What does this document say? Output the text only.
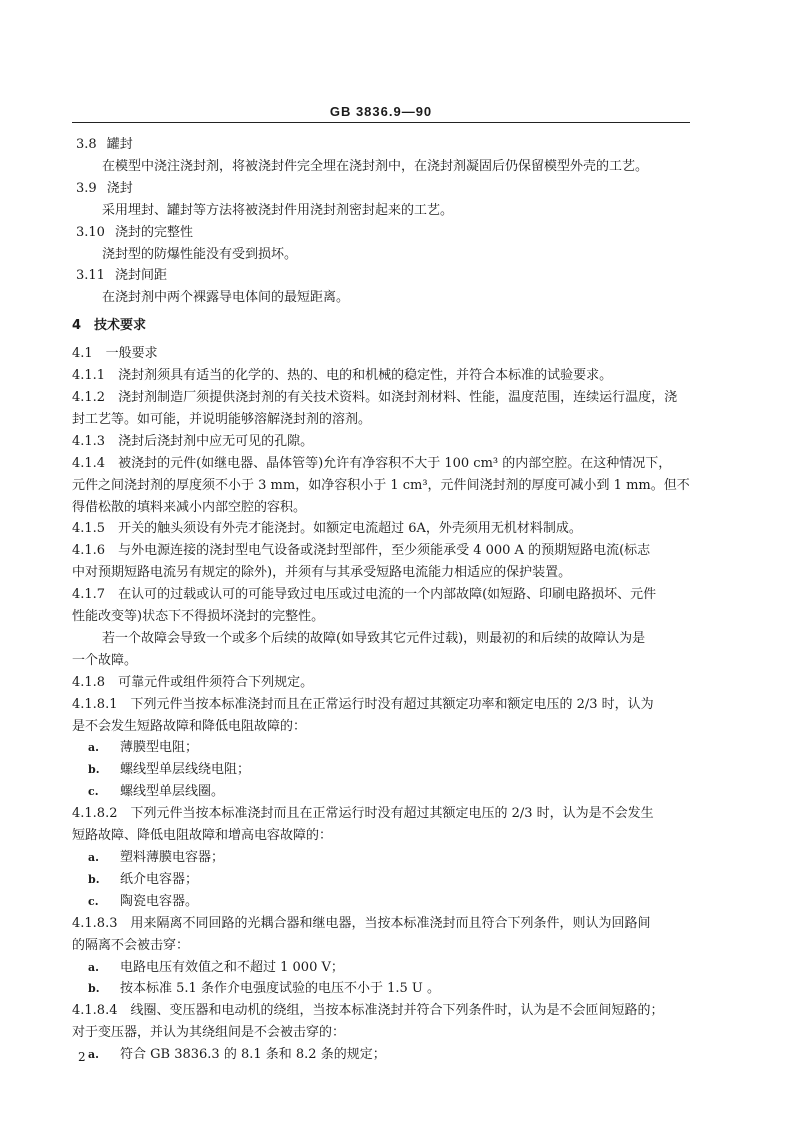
GB 3836.9—90
3.8 罐封
在模型中浇注浇封剂，将被浇封件完全埋在浇封剂中，在浇封剂凝固后仍保留模型外壳的工艺。
3.9 浇封
采用埋封、罐封等方法将被浇封件用浇封剂密封起来的工艺。
3.10 浇封的完整性
浇封型的防爆性能没有受到损坏。
3.11 浇封间距
在浇封剂中两个裸露导电体间的最短距离。
4　技术要求
4.1　一般要求
4.1.1　浇封剂须具有适当的化学的、热的、电的和机械的稳定性，并符合本标准的试验要求。
4.1.2　浇封剂制造厂须提供浇封剂的有关技术资料。如浇封剂材料、性能，温度范围，连续运行温度，浇
封工艺等。如可能，并说明能够溶解浇封剂的溶剂。
4.1.3　浇封后浇封剂中应无可见的孔隙。
4.1.4　被浇封的元件(如继电器、晶体管等)允许有净容积不大于 100 cm³ 的内部空腔。在这种情况下，
元件之间浇封剂的厚度须不小于 3 mm，如净容积小于 1 cm³，元件间浇封剂的厚度可减小到 1 mm。但不
得借松散的填料来减小内部空腔的容积。
4.1.5　开关的触头须设有外壳才能浇封。如额定电流超过 6A，外壳须用无机材料制成。
4.1.6　与外电源连接的浇封型电气设备或浇封型部件，至少须能承受 4 000 A 的预期短路电流(标志
中对预期短路电流另有规定的除外)，并须有与其承受短路电流能力相适应的保护装置。
4.1.7　在认可的过载或认可的可能导致过电压或过电流的一个内部故障(如短路、印刷电路损坏、元件
性能改变等)状态下不得损坏浇封的完整性。
若一个故障会导致一个或多个后续的故障(如导致其它元件过载)，则最初的和后续的故障认为是
一个故障。
4.1.8　可靠元件或组件须符合下列规定。
4.1.8.1　下列元件当按本标准浇封而且在正常运行时没有超过其额定功率和额定电压的 2/3 时，认为
是不会发生短路故障和降低电阻故障的：
a. 薄膜型电阻；
b. 螺线型单层线绕电阻；
c. 螺线型单层线圈。
4.1.8.2　下列元件当按本标准浇封而且在正常运行时没有超过其额定电压的 2/3 时，认为是不会发生
短路故障、降低电阻故障和增高电容故障的：
a. 塑料薄膜电容器；
b. 纸介电容器；
c. 陶瓷电容器。
4.1.8.3　用来隔离不同回路的光耦合器和继电器，当按本标准浇封而且符合下列条件，则认为回路间
的隔离不会被击穿：
a. 电路电压有效值之和不超过 1 000 V；
b. 按本标准 5.1 条作介电强度试验的电压不小于 1.5 U 。
4.1.8.4　线圈、变压器和电动机的绕组，当按本标准浇封并符合下列条件时，认为是不会匝间短路的；
对于变压器，并认为其绕组间是不会被击穿的：
a. 符合 GB 3836.3 的 8.1 条和 8.2 条的规定；
2
